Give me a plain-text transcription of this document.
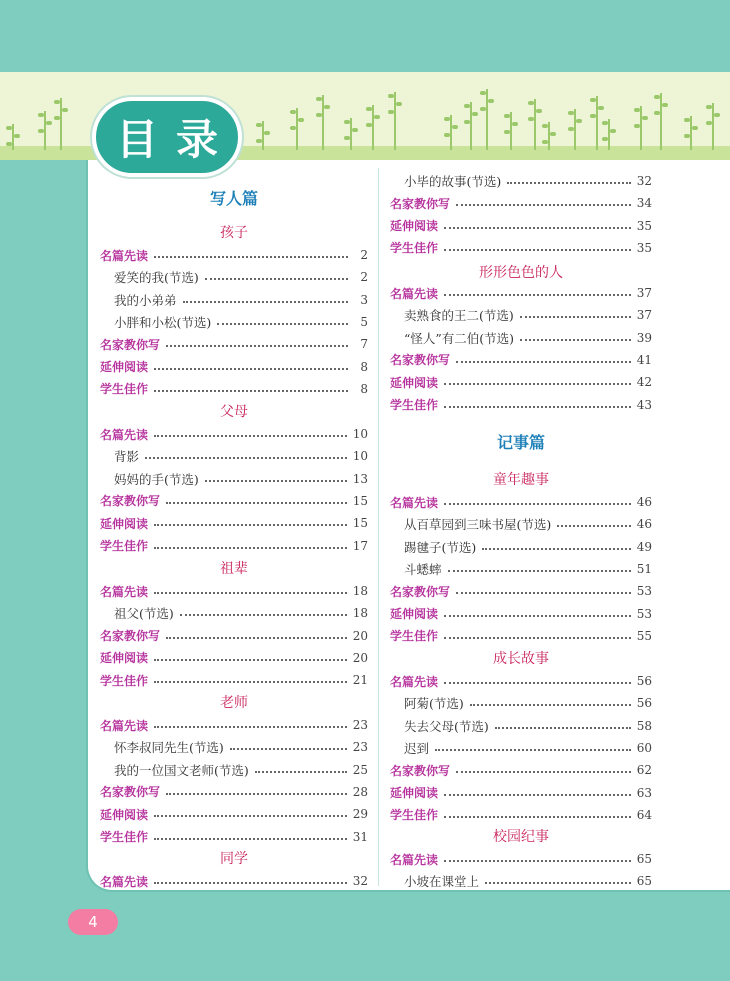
目录
写人篇
孩子
名篇先读	2
爱笑的我(节选)	2
我的小弟弟	3
小胖和小松(节选)	5
名家教你写	7
延伸阅读	8
学生佳作	8
父母
名篇先读	10
背影	10
妈妈的手(节选)	13
名家教你写	15
延伸阅读	15
学生佳作	17
祖辈
名篇先读	18
祖父(节选)	18
名家教你写	20
延伸阅读	20
学生佳作	21
老师
名篇先读	23
怀李叔同先生(节选)	23
我的一位国文老师(节选)	25
名家教你写	28
延伸阅读	29
学生佳作	31
同学
名篇先读	32
小毕的故事(节选)	32
名家教你写	34
延伸阅读	35
学生佳作	35
形形色色的人
名篇先读	37
卖熟食的王二(节选)	37
“怪人”有二伯(节选)	39
名家教你写	41
延伸阅读	42
学生佳作	43
记事篇
童年趣事
名篇先读	46
从百草园到三味书屋(节选)	46
踢毽子(节选)	49
斗蟋蟀	51
名家教你写	53
延伸阅读	53
学生佳作	55
成长故事
名篇先读	56
阿菊(节选)	56
失去父母(节选)	58
迟到	60
名家教你写	62
延伸阅读	63
学生佳作	64
校园纪事
名篇先读	65
小坡在课堂上	65
4
